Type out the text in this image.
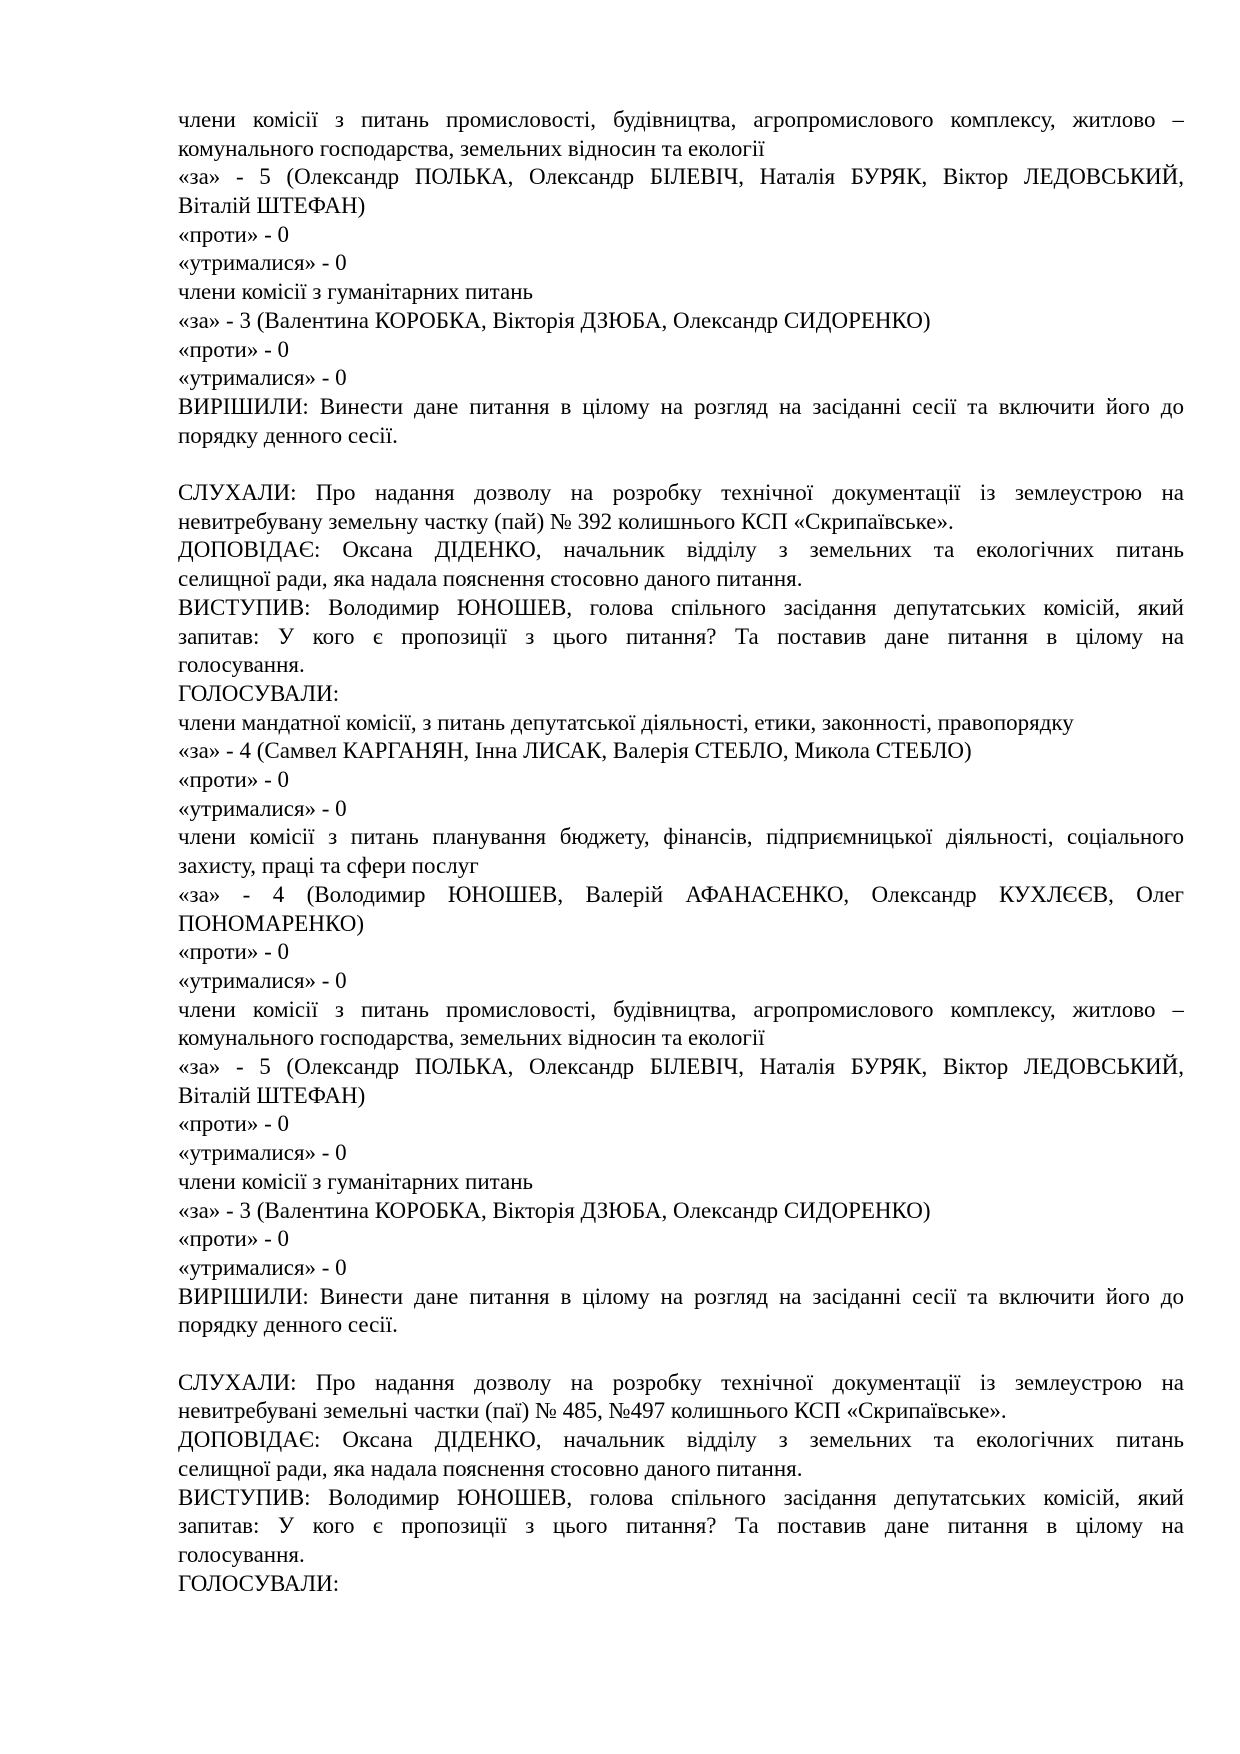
члени комісії з питань промисловості, будівництва, агропромислового комплексу, житлово –
комунального господарства, земельних відносин та екології
«за» - 5 (Олександр ПОЛЬКА, Олександр БІЛЕВІЧ, Наталія БУРЯК, Віктор ЛЕДОВСЬКИЙ,
Віталій ШТЕФАН)
«проти» - 0
«утрималися» - 0
члени комісії з гуманітарних питань
«за» - 3 (Валентина КОРОБКА, Вікторія ДЗЮБА, Олександр СИДОРЕНКО)
«проти» - 0
«утрималися» - 0
ВИРІШИЛИ: Винести дане питання в цілому на розгляд на засіданні сесії та включити його до
порядку денного сесії.
СЛУХАЛИ: Про надання дозволу на розробку технічної документації із землеустрою на
невитребувану земельну частку (пай) № 392 колишнього КСП «Скрипаївське».
ДОПОВІДАЄ: Оксана ДІДЕНКО, начальник відділу з земельних та екологічних питань
селищної ради, яка надала пояснення стосовно даного питання.
ВИСТУПИВ: Володимир ЮНОШЕВ, голова спільного засідання депутатських комісій, який
запитав: У кого є пропозиції з цього питання? Та поставив дане питання в цілому на
голосування.
ГОЛОСУВАЛИ:
члени мандатної комісії, з питань депутатської діяльності, етики, законності, правопорядку
«за» - 4 (Самвел КАРГАНЯН, Інна ЛИСАК, Валерія СТЕБЛО, Микола СТЕБЛО)
«проти» - 0
«утрималися» - 0
члени комісії з питань планування бюджету, фінансів, підприємницької діяльності, соціального
захисту, праці та сфери послуг
«за» - 4 (Володимир ЮНОШЕВ, Валерій АФАНАСЕНКО, Олександр КУХЛЄЄВ, Олег
ПОНОМАРЕНКО)
«проти» - 0
«утрималися» - 0
члени комісії з питань промисловості, будівництва, агропромислового комплексу, житлово –
комунального господарства, земельних відносин та екології
«за» - 5 (Олександр ПОЛЬКА, Олександр БІЛЕВІЧ, Наталія БУРЯК, Віктор ЛЕДОВСЬКИЙ,
Віталій ШТЕФАН)
«проти» - 0
«утрималися» - 0
члени комісії з гуманітарних питань
«за» - 3 (Валентина КОРОБКА, Вікторія ДЗЮБА, Олександр СИДОРЕНКО)
«проти» - 0
«утрималися» - 0
ВИРІШИЛИ: Винести дане питання в цілому на розгляд на засіданні сесії та включити його до
порядку денного сесії.
СЛУХАЛИ: Про надання дозволу на розробку технічної документації із землеустрою на
невитребувані земельні частки (паї) № 485, №497 колишнього КСП «Скрипаївське».
ДОПОВІДАЄ: Оксана ДІДЕНКО, начальник відділу з земельних та екологічних питань
селищної ради, яка надала пояснення стосовно даного питання.
ВИСТУПИВ: Володимир ЮНОШЕВ, голова спільного засідання депутатських комісій, який
запитав: У кого є пропозиції з цього питання? Та поставив дане питання в цілому на
голосування.
ГОЛОСУВАЛИ:
